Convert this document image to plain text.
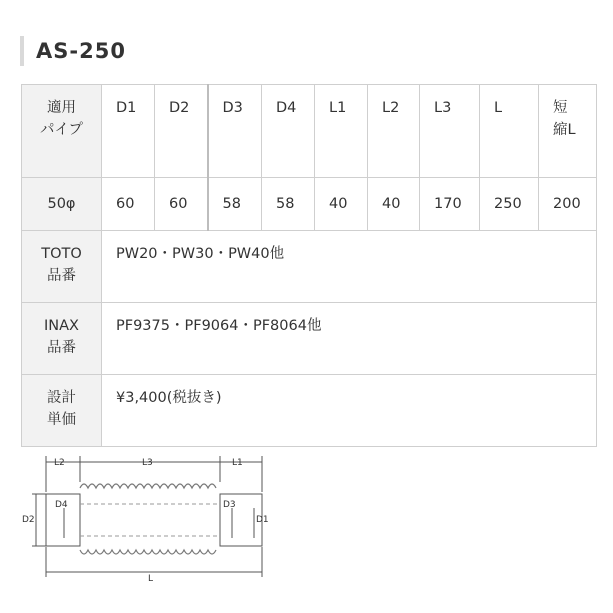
AS-250
適用
パイプ	D1	D2	D3	D4	L1	L2	L3	L	短
縮L
50φ	60	60	58	58	40	40	170	250	200
TOTO
品番	PW20・PW30・PW40他								
INAX
品番	PF9375・PF9064・PF8064他								
設計
単価	¥3,400(税抜き)								
L2	L3	L1
D2
D4	D3
D1
L
